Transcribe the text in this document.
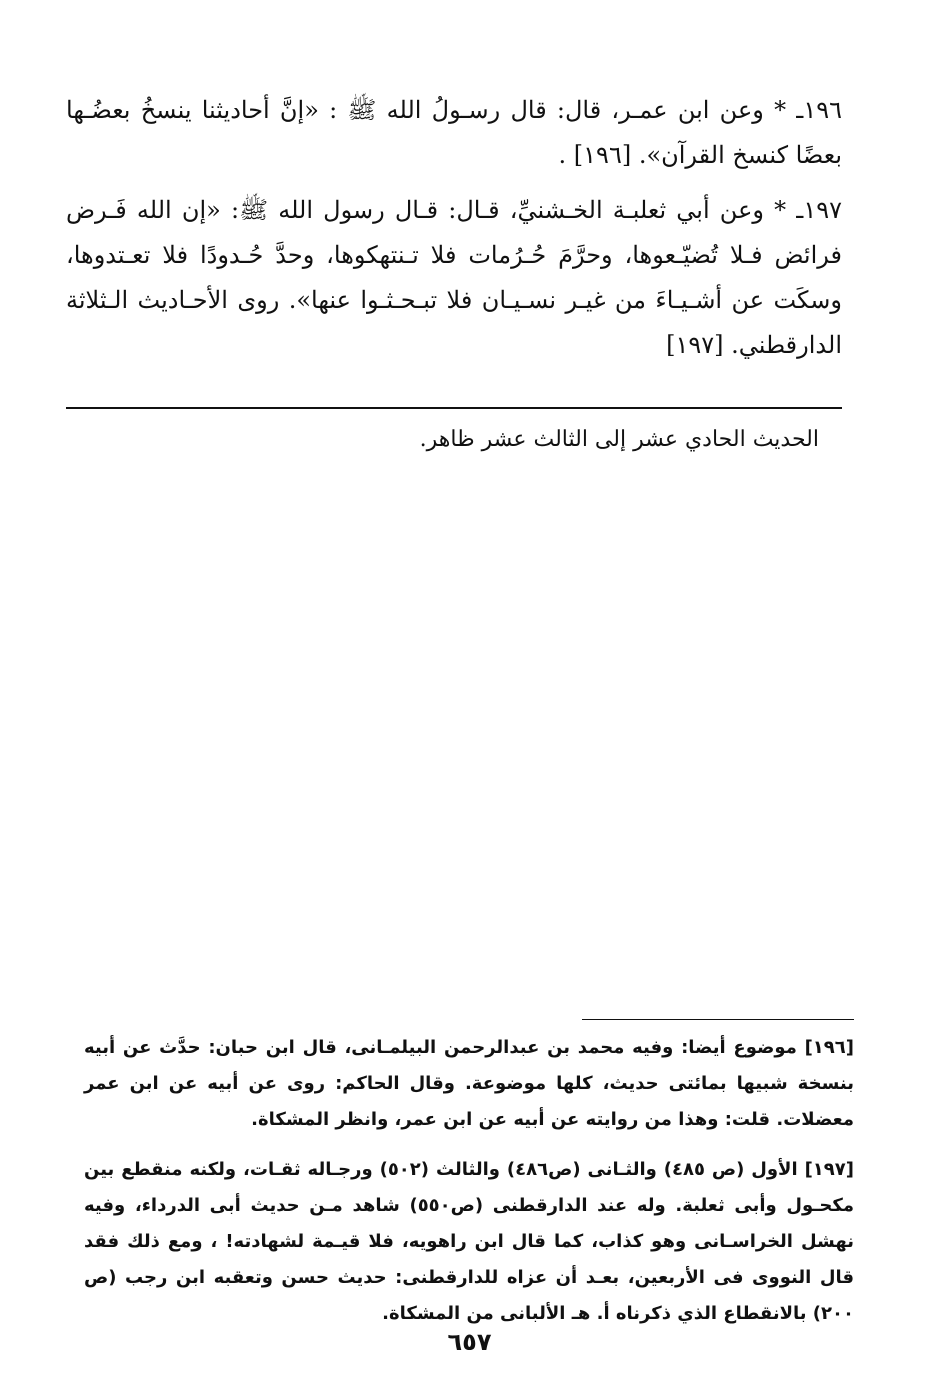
١٩٦ـ * وعن ابن عمـر، قال: قال رسـولُ الله ﷺ : «إنَّ أحاديثنا ينسخُ بعضُـها بعضًا كنسخ القرآن». [١٩٦] .

١٩٧ـ * وعن أبي ثعلبـة الخـشنيِّ، قـال: قـال رسول الله ﷺ: «إن الله فَـرض فرائض فـلا تُضيّـعوها، وحرَّمَ حُـرُمات فلا تـنتهكوها، وحدَّ حُـدودًا فلا تعـتدوها، وسكَت عن أشـيـاءَ من غيـر نسـيـان فلا تبـحـثـوا عنها». روى الأحـاديث الـثلاثة الدارقطني. [١٩٧]

الحديث الحادي عشر إلى الثالث عشر ظاهر.

[١٩٦] موضوع أيضا: وفيه محمد بن عبدالرحمن البيلمـانى، قال ابن حبان: حدَّث عن أبيه بنسخة شبيها بمائتى حديث، كلها موضوعة. وقال الحاكم: روى عن أبيه عن ابن عمر معضلات. قلت: وهذا من روايته عن أبيه عن ابن عمر، وانظر المشكاة.

[١٩٧] الأول (ص ٤٨٥) والثـانى (ص٤٨٦) والثالث (٥٠٢) ورجـاله ثقـات، ولكنه منقطع بين مكحـول وأبى ثعلبة. وله عند الدارقطنى (ص٥٥٠) شاهد مـن حديث أبى الدرداء، وفيه نهشل الخراسـانى وهو كذاب، كما قال ابن راهويه، فلا قيـمة لشهادته! ، ومع ذلك فقد قال النووى فى الأربعين، بعـد أن عزاه للدارقطنى: حديث حسن وتعقبه ابن رجب (ص ٢٠٠) بالانقطاع الذي ذكرناه أ. هـ الألبانى من المشكاة.

٦٥٧
